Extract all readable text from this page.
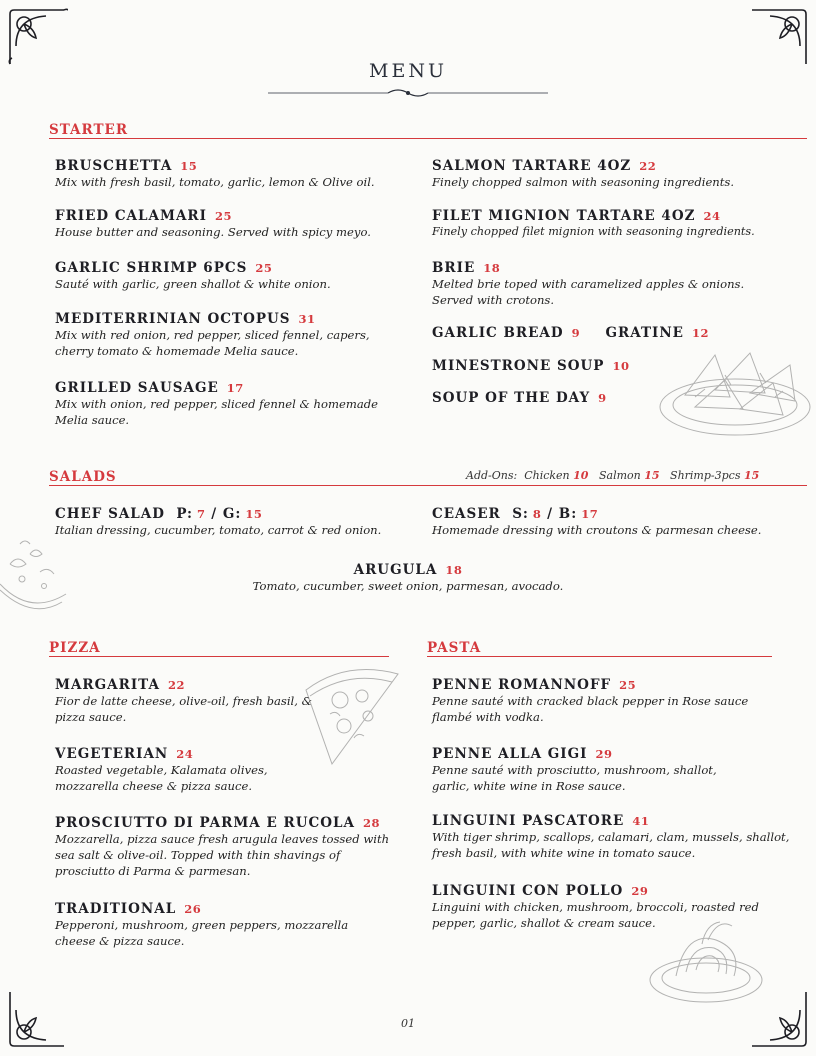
MENU
STARTER
BRUSCHETTA 15
Mix with fresh basil, tomato, garlic, lemon & Olive oil.
FRIED CALAMARI 25
House butter and seasoning. Served with spicy meyo.
GARLIC SHRIMP 6PCS 25
Sauté with garlic, green shallot & white onion.
MEDITERRINIAN OCTOPUS 31
Mix with red onion, red pepper, sliced fennel, capers, cherry tomato & homemade Melia sauce.
GRILLED SAUSAGE 17
Mix with onion, red pepper, sliced fennel & homemade Melia sauce.
SALMON TARTARE 4OZ 22
Finely chopped salmon with seasoning ingredients.
FILET MIGNION TARTARE 4OZ 24
Finely chopped filet mignion with seasoning ingredients.
BRIE 18
Melted brie toped with caramelized apples & onions. Served with crotons.
GARLIC BREAD 9 GRATINE 12
MINESTRONE SOUP 10
SOUP OF THE DAY 9
SALADS	Add-Ons: Chicken 10 Salmon 15 Shrimp-3pcs 15
CHEF SALAD P: 7 / G: 15
Italian dressing, cucumber, tomato, carrot & red onion.
CEASER S: 8 / B: 17
Homemade dressing with croutons & parmesan cheese.
ARUGULA 18
Tomato, cucumber, sweet onion, parmesan, avocado.
PIZZA
MARGARITA 22
Fior de latte cheese, olive-oil, fresh basil, & pizza sauce.
VEGETERIAN 24
Roasted vegetable, Kalamata olives, mozzarella cheese & pizza sauce.
PROSCIUTTO DI PARMA E RUCOLA 28
Mozzarella, pizza sauce fresh arugula leaves tossed with sea salt & olive-oil. Topped with thin shavings of prosciutto di Parma & parmesan.
TRADITIONAL 26
Pepperoni, mushroom, green peppers, mozzarella cheese & pizza sauce.
PASTA
PENNE ROMANNOFF 25
Penne sauté with cracked black pepper in Rose sauce flambé with vodka.
PENNE ALLA GIGI 29
Penne sauté with prosciutto, mushroom, shallot, garlic, white wine in Rose sauce.
LINGUINI PASCATORE 41
With tiger shrimp, scallops, calamari, clam, mussels, shallot, fresh basil, with white wine in tomato sauce.
LINGUINI CON POLLO 29
Linguini with chicken, mushroom, broccoli, roasted red pepper, garlic, shallot & cream sauce.
01
